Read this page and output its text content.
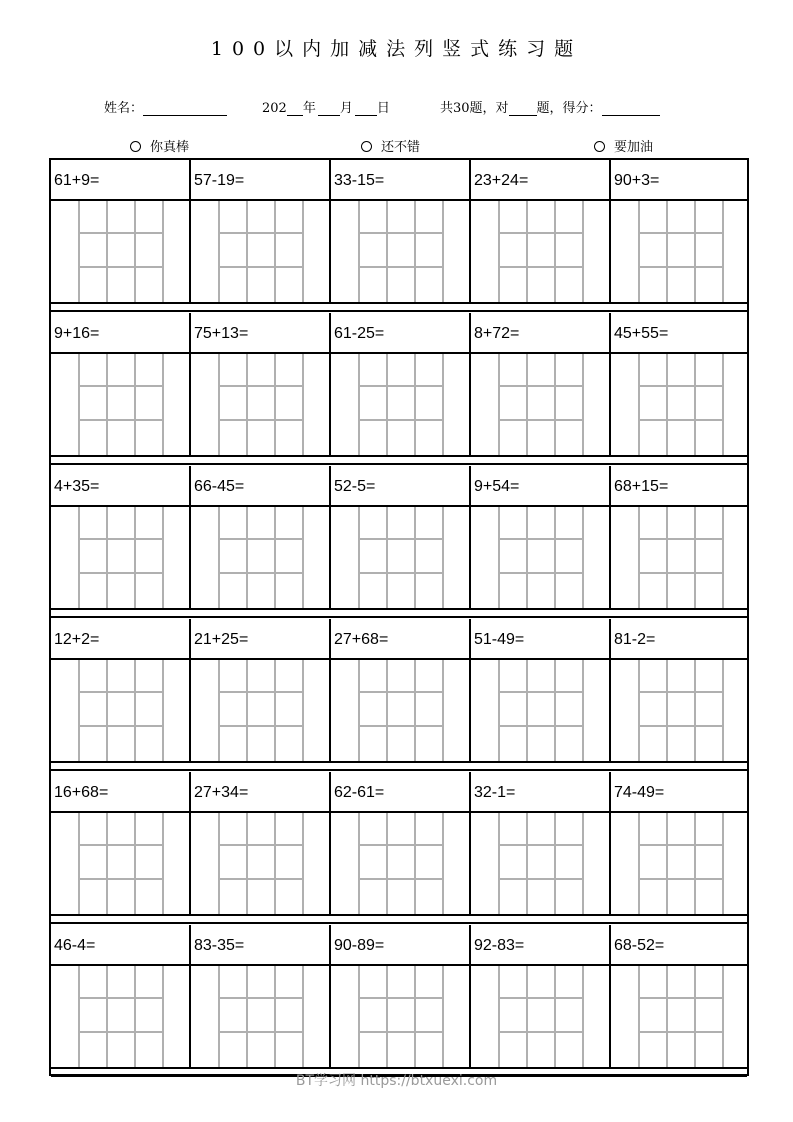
100以内加减法列竖式练习题
姓名：	202 年 月 日	共30题，对 题，得分：
你真棒	还不错	要加油
61+9=	57-19=	33-15=	23+24=	90+3=
9+16=	75+13=	61-25=	8+72=	45+55=
4+35=	66-45=	52-5=	9+54=	68+15=
12+2=	21+25=	27+68=	51-49=	81-2=
16+68=	27+34=	62-61=	32-1=	74-49=
46-4=	83-35=	90-89=	92-83=	68-52=
BT学习网 https://btxuexi.com
